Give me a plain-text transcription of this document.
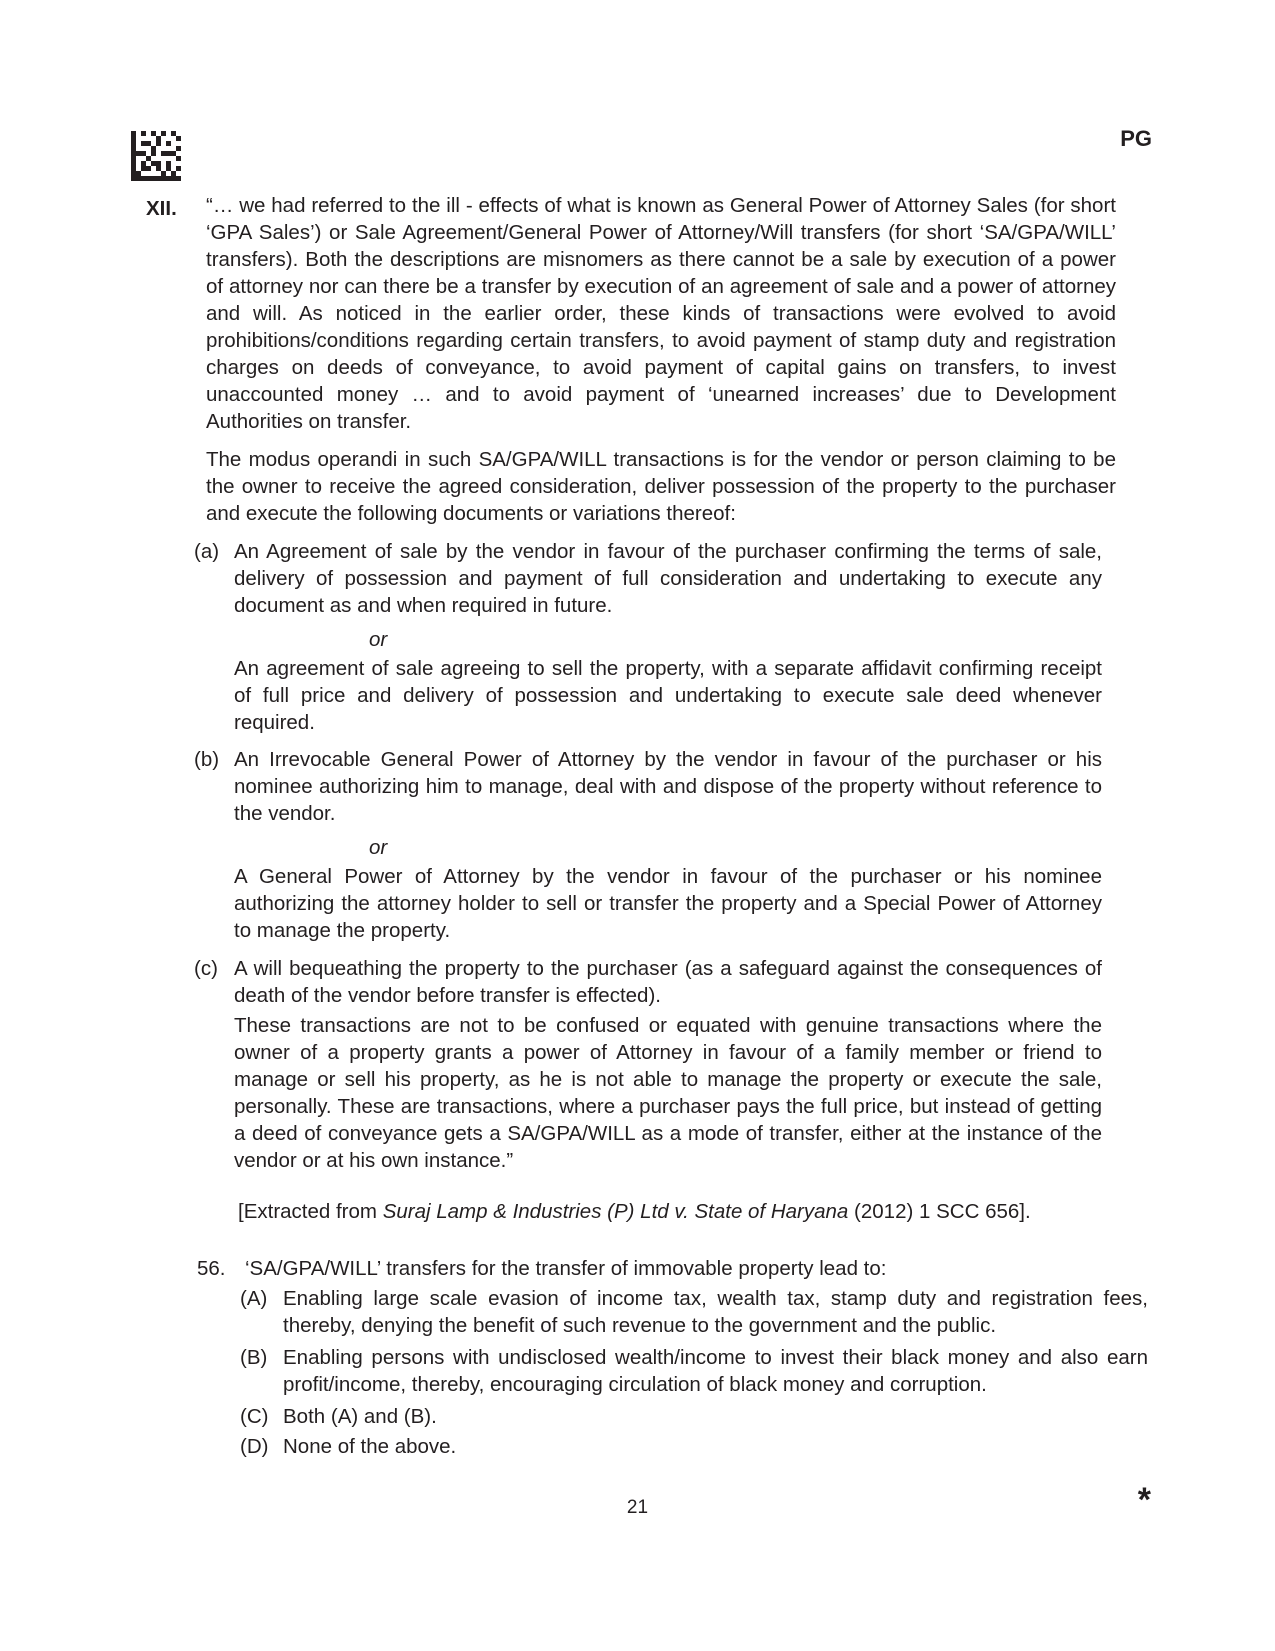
PG
XII. “… we had referred to the ill - effects of what is known as General Power of Attorney Sales (for short ‘GPA Sales’) or Sale Agreement/General Power of Attorney/Will transfers (for short ‘SA/GPA/WILL’ transfers). Both the descriptions are misnomers as there cannot be a sale by execution of a power of attorney nor can there be a transfer by execution of an agreement of sale and a power of attorney and will. As noticed in the earlier order, these kinds of transactions were evolved to avoid prohibitions/conditions regarding certain transfers, to avoid payment of stamp duty and registration charges on deeds of conveyance, to avoid payment of capital gains on transfers, to invest unaccounted money … and to avoid payment of ‘unearned increases’ due to Development Authorities on transfer.

The modus operandi in such SA/GPA/WILL transactions is for the vendor or person claiming to be the owner to receive the agreed consideration, deliver possession of the property to the purchaser and execute the following documents or variations thereof:

(a) An Agreement of sale by the vendor in favour of the purchaser confirming the terms of sale, delivery of possession and payment of full consideration and undertaking to execute any document as and when required in future.

or

An agreement of sale agreeing to sell the property, with a separate affidavit confirming receipt of full price and delivery of possession and undertaking to execute sale deed whenever required.

(b) An Irrevocable General Power of Attorney by the vendor in favour of the purchaser or his nominee authorizing him to manage, deal with and dispose of the property without reference to the vendor.

or

A General Power of Attorney by the vendor in favour of the purchaser or his nominee authorizing the attorney holder to sell or transfer the property and a Special Power of Attorney to manage the property.

(c) A will bequeathing the property to the purchaser (as a safeguard against the consequences of death of the vendor before transfer is effected).

These transactions are not to be confused or equated with genuine transactions where the owner of a property grants a power of Attorney in favour of a family member or friend to manage or sell his property, as he is not able to manage the property or execute the sale, personally. These are transactions, where a purchaser pays the full price, but instead of getting a deed of conveyance gets a SA/GPA/WILL as a mode of transfer, either at the instance of the vendor or at his own instance.”

[Extracted from Suraj Lamp & Industries (P) Ltd v. State of Haryana (2012) 1 SCC 656].
56. ‘SA/GPA/WILL’ transfers for the transfer of immovable property lead to:
(A) Enabling large scale evasion of income tax, wealth tax, stamp duty and registration fees, thereby, denying the benefit of such revenue to the government and the public.

(B) Enabling persons with undisclosed wealth/income to invest their black money and also earn profit/income, thereby, encouraging circulation of black money and corruption.

(C) Both (A) and (B).

(D) None of the above.

21	*
